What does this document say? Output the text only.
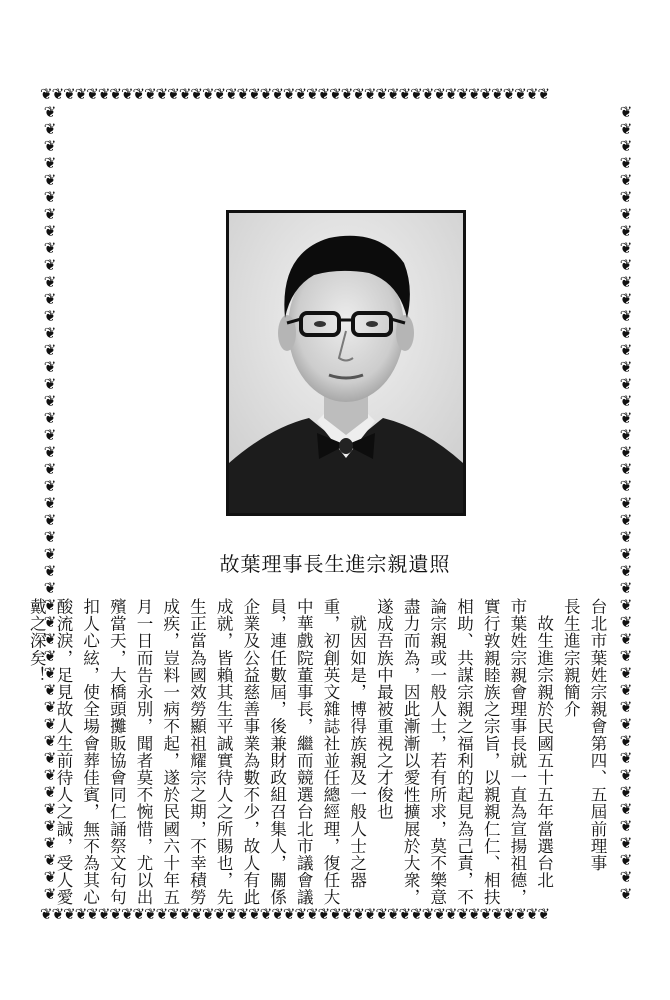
❦❦❦❦❦❦❦❦❦❦❦❦❦❦❦❦❦❦❦❦❦❦❦❦❦❦❦❦❦❦❦❦❦❦❦❦❦❦❦❦❦❦❦❦
❦❦❦❦❦❦❦❦❦❦❦❦❦❦❦❦❦❦❦❦❦❦❦❦❦❦❦❦❦❦❦❦❦❦❦❦❦❦❦❦❦❦❦❦
❦❦❦❦❦❦❦❦❦❦❦❦❦❦❦❦❦❦❦❦❦❦❦❦❦❦❦❦❦❦❦❦❦❦❦❦❦❦❦❦❦❦❦❦❦❦❦
❦❦❦❦❦❦❦❦❦❦❦❦❦❦❦❦❦❦❦❦❦❦❦❦❦❦❦❦❦❦❦❦❦❦❦❦❦❦❦❦❦❦❦❦❦❦❦
故葉理事長生進宗親遺照

台北市葉姓宗親會第四、五屆前理事

長生進宗親簡介

　故生進宗親於民國五十五年當選台北

市葉姓宗親會理事長就一直為宣揚祖德，

實行敦親睦族之宗旨，以親親仁仁、相扶

相助、共謀宗親之福利的起見為己責，不

論宗親或一般人士，若有所求，莫不樂意

盡力而為，因此漸漸以愛性擴展於大衆，

遂成吾族中最被重視之才俊也

　就因如是，博得族親及一般人士之器

重，初創英文雜誌社並任總經理，復任大

中華戲院董事長，繼而競選台北市議會議

員，連任數屆，後兼財政組召集人，關係

企業及公益慈善事業為數不少，故人有此

成就，皆賴其生平誠實待人之所賜也，先

生正當為國效勞顯祖耀宗之期，不幸積勞

成疾，豈料一病不起，遂於民國六十年五

月一日而告永別，聞者莫不惋惜，尤以出

殯當天，大橋頭攤販協會同仁誦祭文句句

扣人心絃，使全場會葬佳賓，無不為其心

酸流淚，足見故人生前待人之誠，受人愛

戴之深矣！
